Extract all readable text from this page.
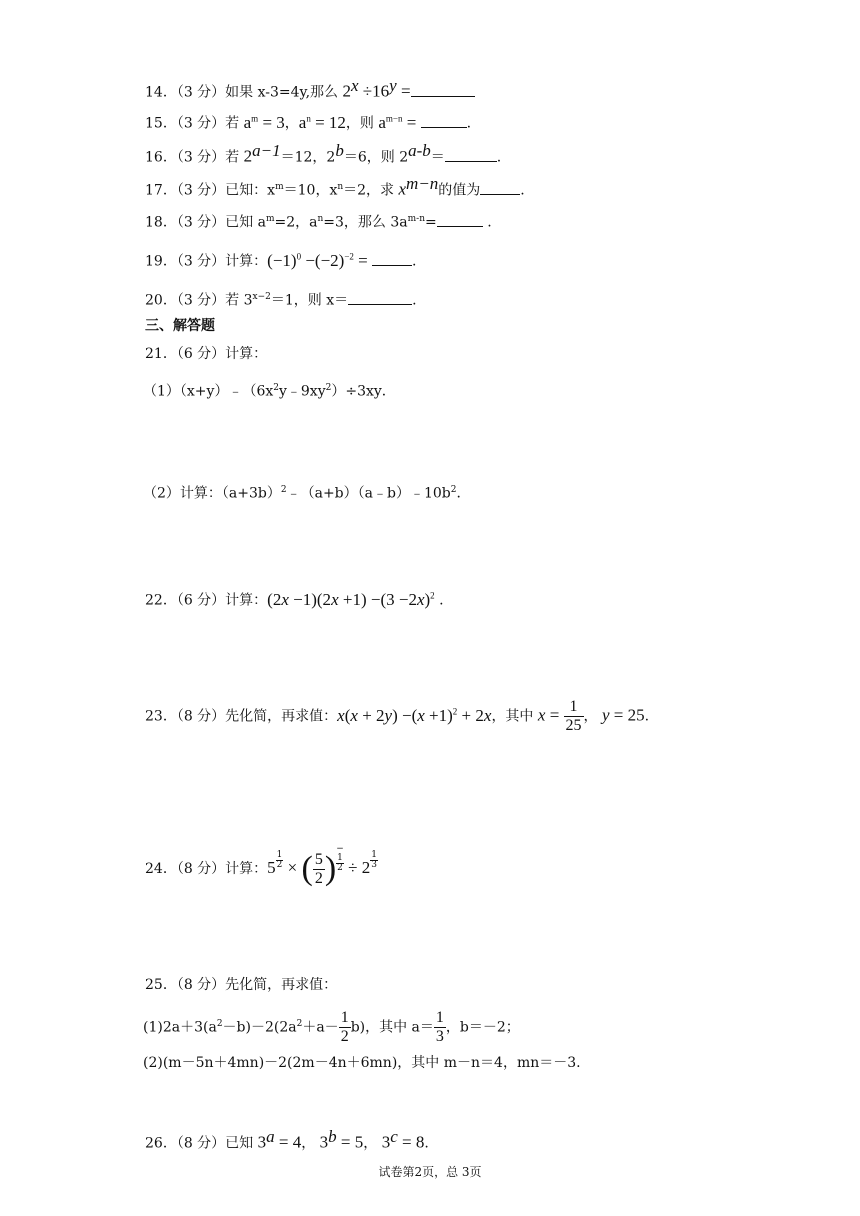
14．（3 分）如果 x-3=4y,那么 $2^x \div 16^y$ =
15．（3 分）若 $a^m = 3$，$a^n = 12$，则 $a^{m-n}$ =	.
16．（3 分）若 $2^{a-1}=12$，$2^b=6$，则 $2^{a-b}=$	.
17．（3 分）已知：$x^m=10$，$x^n=2$，求 $x^{m-n}$的值为	.
18．（3 分）已知 $a^m=2$，$a^n=3$，那么 $3a^{m-n}=$	.
19．（3 分）计算：$(-1)^0 -(-2)^{-2}$ =	.
20．（3 分）若 $3^{x-2}=1$，则 x＝	.
三、解答题
21．（6 分）计算：
$(1)(x+y)﹣(6x^2y﹣9xy^2)\div 3xy$．
（2）计算：$(a+3b)^2﹣(a+b)(a﹣b)﹣10b^2$．
22．（6 分）计算：$(2x -1)(2x +1) -(3 -2x)^2$ .
23．（8 分）先化简，再求值：$x(x + 2y) -(x +1)^2 + 2x$，其中 $x = \frac{1}{25}$ ， y = 25.
24．（8 分）计算：$5 \frac{1}{2}$ × ( $\frac{5}{2}$ )−
1
$2 \div 2 \frac{1}{3}$
25．（8 分）先化简，再求值：
$(1)2a+3(a^2-b)-2(2a^2+a- \frac{1}{2} b)$，其中 $a= \frac{1}{3}$ ，b＝－2；
(2)(m－5n＋4mn)－2(2m－4n＋6mn)，其中 m－n＝4，mn＝－3.
26．（8 分）已知 $3^a = 4$， $3^b = 5$， $3^c = 8$.
试卷第2页，总 3页
